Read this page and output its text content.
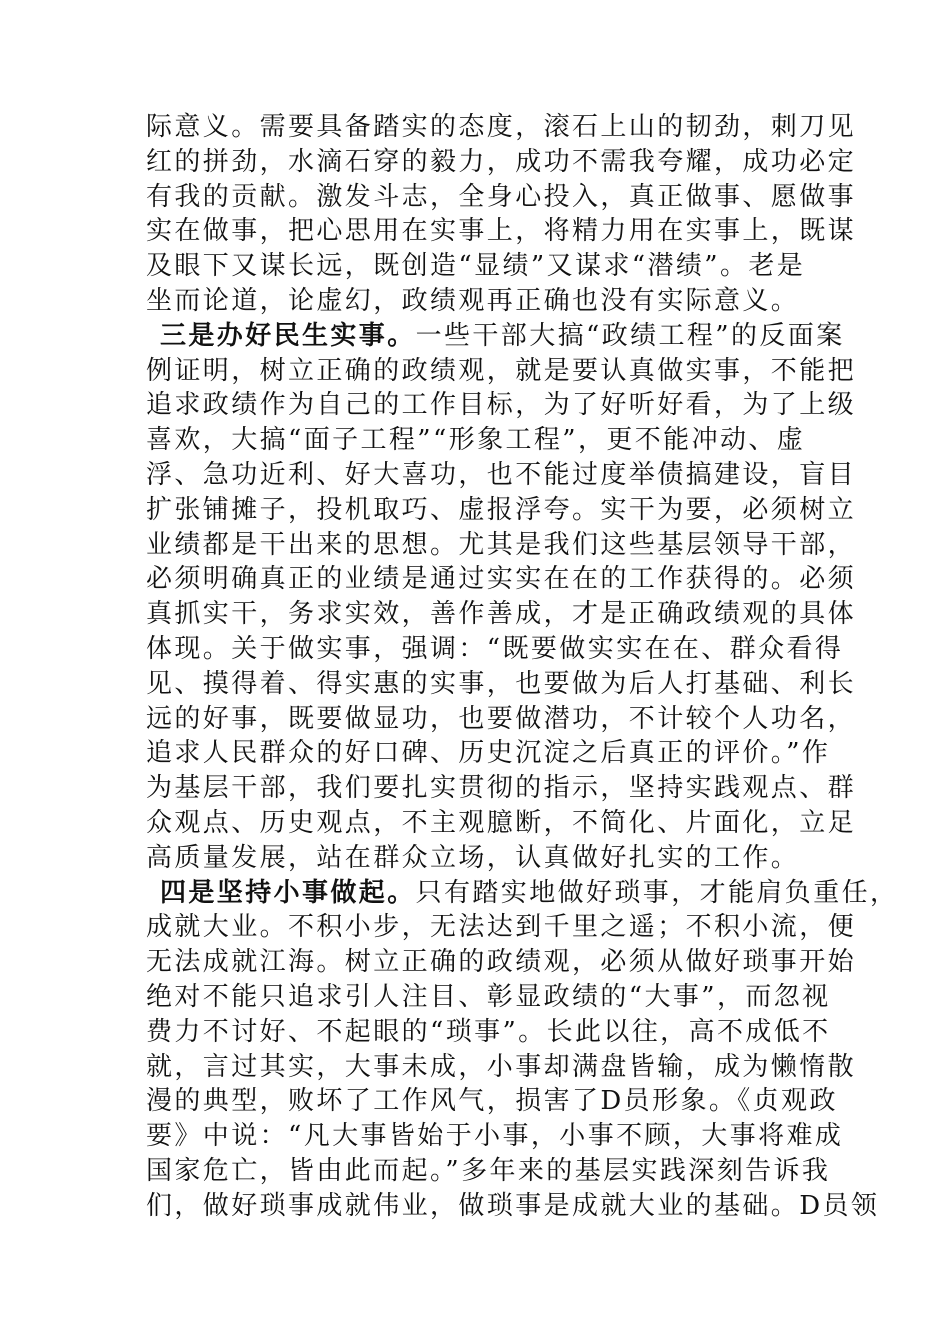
际意义。需要具备踏实的态度，滚石上山的韧劲，刺刀见
红的拼劲，水滴石穿的毅力，成功不需我夸耀，成功必定
有我的贡献。激发斗志，全身心投入，真正做事、愿做事
实在做事，把心思用在实事上，将精力用在实事上，既谋
及眼下又谋长远，既创造“显绩”又谋求“潜绩”。老是
坐而论道，论虚幻，政绩观再正确也没有实际意义。
三是办好民生实事。一些干部大搞“政绩工程”的反面案
例证明，树立正确的政绩观，就是要认真做实事，不能把
追求政绩作为自己的工作目标，为了好听好看，为了上级
喜欢，大搞“面子工程”“形象工程”，更不能冲动、虚
浮、急功近利、好大喜功，也不能过度举债搞建设，盲目
扩张铺摊子，投机取巧、虚报浮夸。实干为要，必须树立
业绩都是干出来的思想。尤其是我们这些基层领导干部，
必须明确真正的业绩是通过实实在在的工作获得的。必须
真抓实干，务求实效，善作善成，才是正确政绩观的具体
体现。关于做实事，强调：“既要做实实在在、群众看得
见、摸得着、得实惠的实事，也要做为后人打基础、利长
远的好事，既要做显功，也要做潜功，不计较个人功名，
追求人民群众的好口碑、历史沉淀之后真正的评价。”作
为基层干部，我们要扎实贯彻的指示，坚持实践观点、群
众观点、历史观点，不主观臆断，不简化、片面化，立足
高质量发展，站在群众立场，认真做好扎实的工作。
四是坚持小事做起。只有踏实地做好琐事，才能肩负重任，
成就大业。不积小步，无法达到千里之遥；不积小流，便
无法成就江海。树立正确的政绩观，必须从做好琐事开始
绝对不能只追求引人注目、彰显政绩的“大事”，而忽视
费力不讨好、不起眼的“琐事”。长此以往，高不成低不
就，言过其实，大事未成，小事却满盘皆输，成为懒惰散
漫的典型，败坏了工作风气，损害了D员形象。《贞观政
要》中说：“凡大事皆始于小事，小事不顾，大事将难成
国家危亡，皆由此而起。”多年来的基层实践深刻告诉我
们，做好琐事成就伟业，做琐事是成就大业的基础。D员领
